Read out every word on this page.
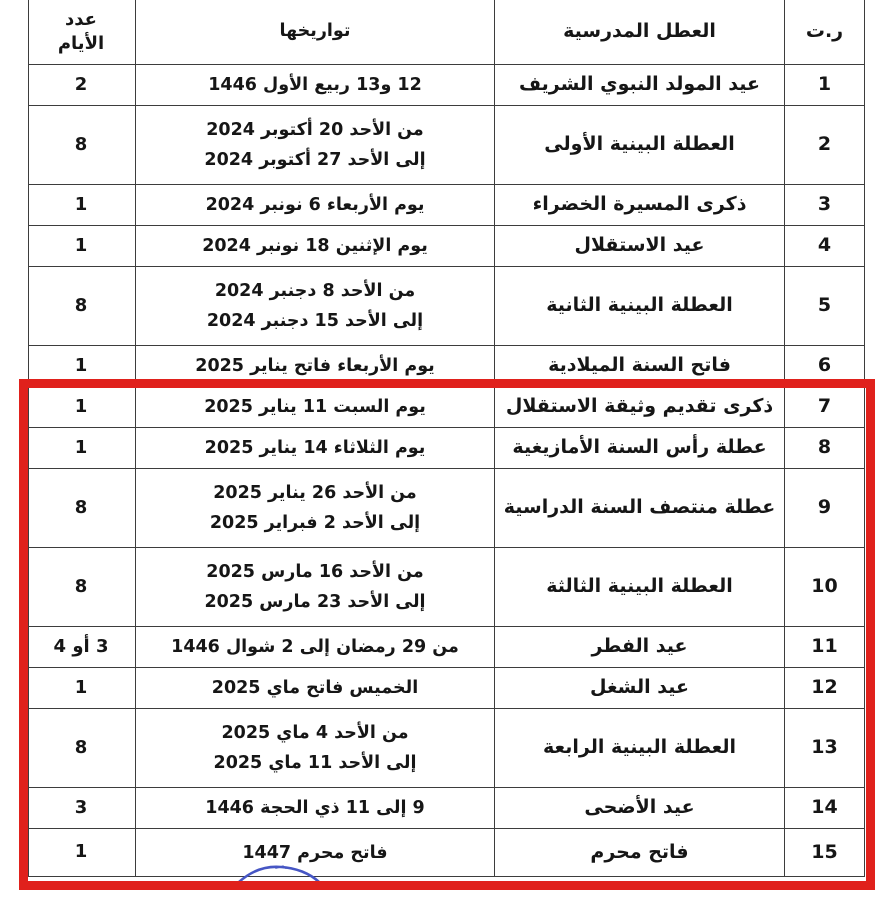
ر.ت
العطل المدرسية
تواريخها
عدد
الأيام
1
عيد المولد النبوي الشريف
12 و13 ربيع الأول 1446
2
2
العطلة البينية الأولى
من الأحد 20 أكتوبر 2024
إلى الأحد 27 أكتوبر 2024
8
3
ذكرى المسيرة الخضراء
يوم الأربعاء 6 نونبر 2024
1
4
عيد الاستقلال
يوم الإثنين 18 نونبر 2024
1
5
العطلة البينية الثانية
من الأحد 8 دجنبر 2024
إلى الأحد 15 دجنبر 2024
8
6
فاتح السنة الميلادية
يوم الأربعاء فاتح يناير 2025
1
7
ذكرى تقديم وثيقة الاستقلال
يوم السبت 11 يناير 2025
1
8
عطلة رأس السنة الأمازيغية
يوم الثلاثاء 14 يناير 2025
1
9
عطلة منتصف السنة الدراسية
من الأحد 26 يناير 2025
إلى الأحد 2 فبراير 2025
8
10
العطلة البينية الثالثة
من الأحد 16 مارس 2025
إلى الأحد 23 مارس 2025
8
11
عيد الفطر
من 29 رمضان إلى 2 شوال 1446
3 أو 4
12
عيد الشغل
الخميس فاتح ماي 2025
1
13
العطلة البينية الرابعة
من الأحد 4 ماي 2025
إلى الأحد 11 ماي 2025
8
14
عيد الأضحى
9 إلى 11 ذي الحجة 1446
3
15
فاتح محرم
فاتح محرم 1447
1
